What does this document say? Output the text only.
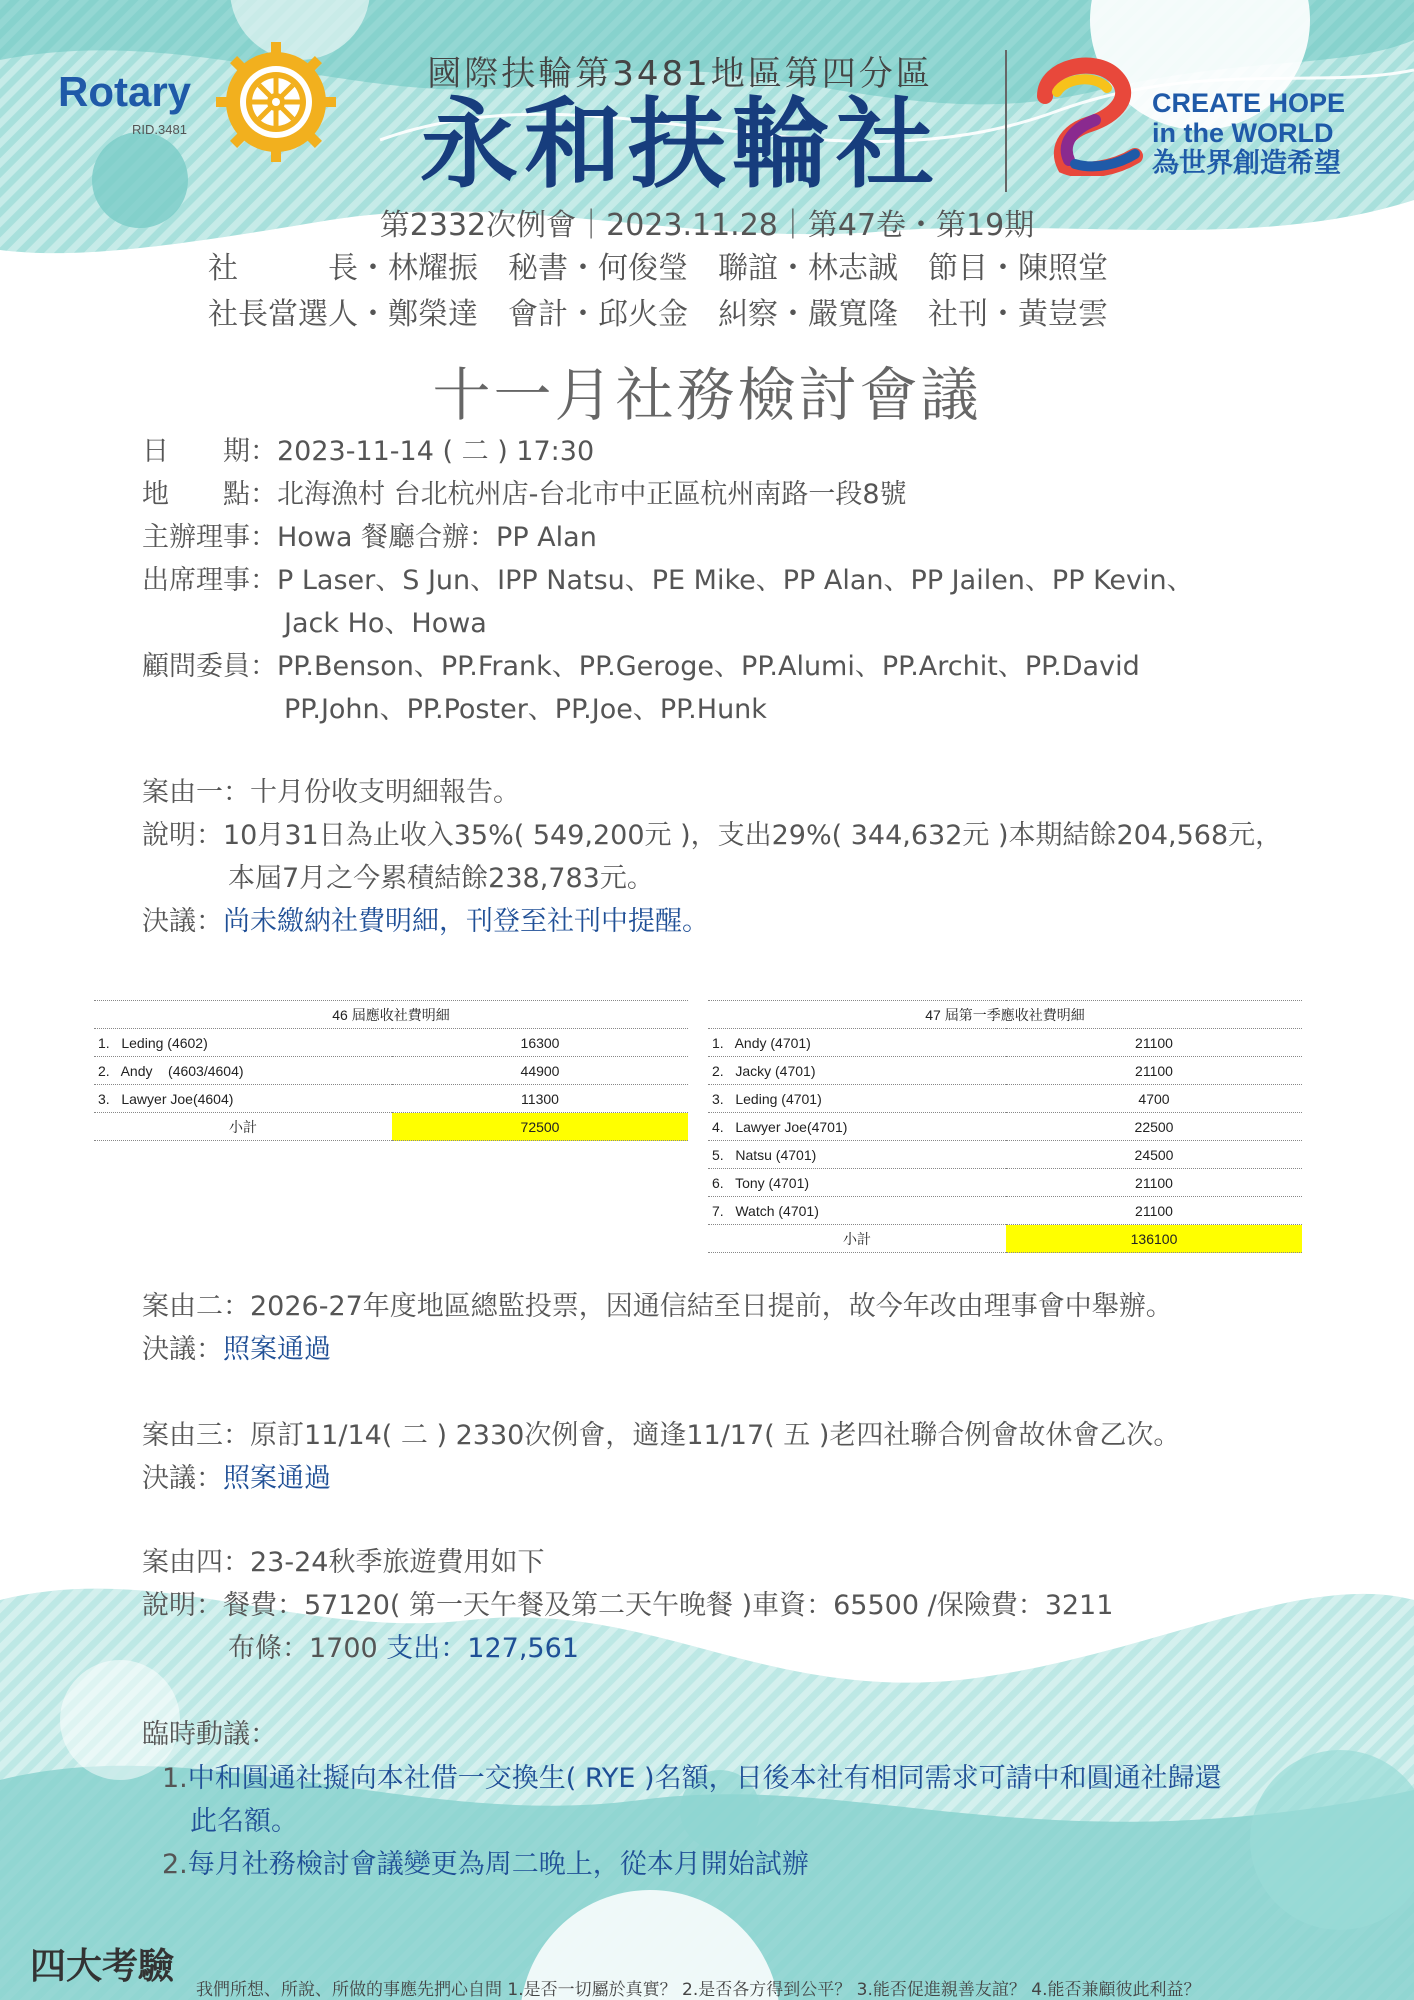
Rotary
RID.3481
國際扶輪第3481地區第四分區
永和扶輪社	CREATE HOPE
in the WORLD
為世界創造希望
第2332次例會｜2023.11.28｜第47卷・第19期
社　　　長・林耀振　秘書・何俊瑩　聯誼・林志誠　節目・陳照堂
社長當選人・鄭榮達　會計・邱火金　糾察・嚴寬隆　社刊・黃豈雲
十一月社務檢討會議
日　　期：2023-11-14 ( 二 ) 17:30
地　　點：北海漁村 台北杭州店-台北市中正區杭州南路一段8號
主辦理事：Howa 餐廳合辦：PP Alan
出席理事：P Laser、S Jun、IPP Natsu、PE Mike、PP Alan、PP Jailen、PP Kevin、
Jack Ho、Howa
顧問委員：PP.Benson、PP.Frank、PP.Geroge、PP.Alumi、PP.Archit、PP.David
PP.John、PP.Poster、PP.Joe、PP.Hunk
案由一：十月份收支明細報告。
說明：10月31日為止收入35%( 549,200元 )，支出29%( 344,632元 )本期結餘204,568元，
本屆7月之今累積結餘238,783元。
決議：尚未繳納社費明細，刊登至社刊中提醒。
46 屆應收社費明細	
1.   Leding (4602)	16300
2.   Andy    (4603/4604)	44900
3.   Lawyer Joe(4604)	11300
小計	72500
47 屆第一季應收社費明細	
1.   Andy (4701)	21100
2.   Jacky (4701)	21100
3.   Leding (4701)	4700
4.   Lawyer Joe(4701)	22500
5.   Natsu (4701)	24500
6.   Tony (4701)	21100
7.   Watch (4701)	21100
小計	136100
案由二：2026-27年度地區總監投票，因通信結至日提前，故今年改由理事會中舉辦。
決議：照案通過
案由三：原訂11/14( 二 ) 2330次例會，適逢11/17( 五 )老四社聯合例會故休會乙次。
決議：照案通過
案由四：23-24秋季旅遊費用如下
說明：餐費：57120( 第一天午餐及第二天午晚餐 )車資：65500 /保險費：3211
布條：1700 支出：127,561
臨時動議：
1.中和圓通社擬向本社借一交換生( RYE )名額，日後本社有相同需求可請中和圓通社歸還
此名額。
2.每月社務檢討會議變更為周二晚上，從本月開始試辦
四大考驗
我們所想、所說、所做的事應先捫心自問 1.是否一切屬於真實？ 2.是否各方得到公平？ 3.能否促進親善友誼？ 4.能否兼顧彼此利益？
